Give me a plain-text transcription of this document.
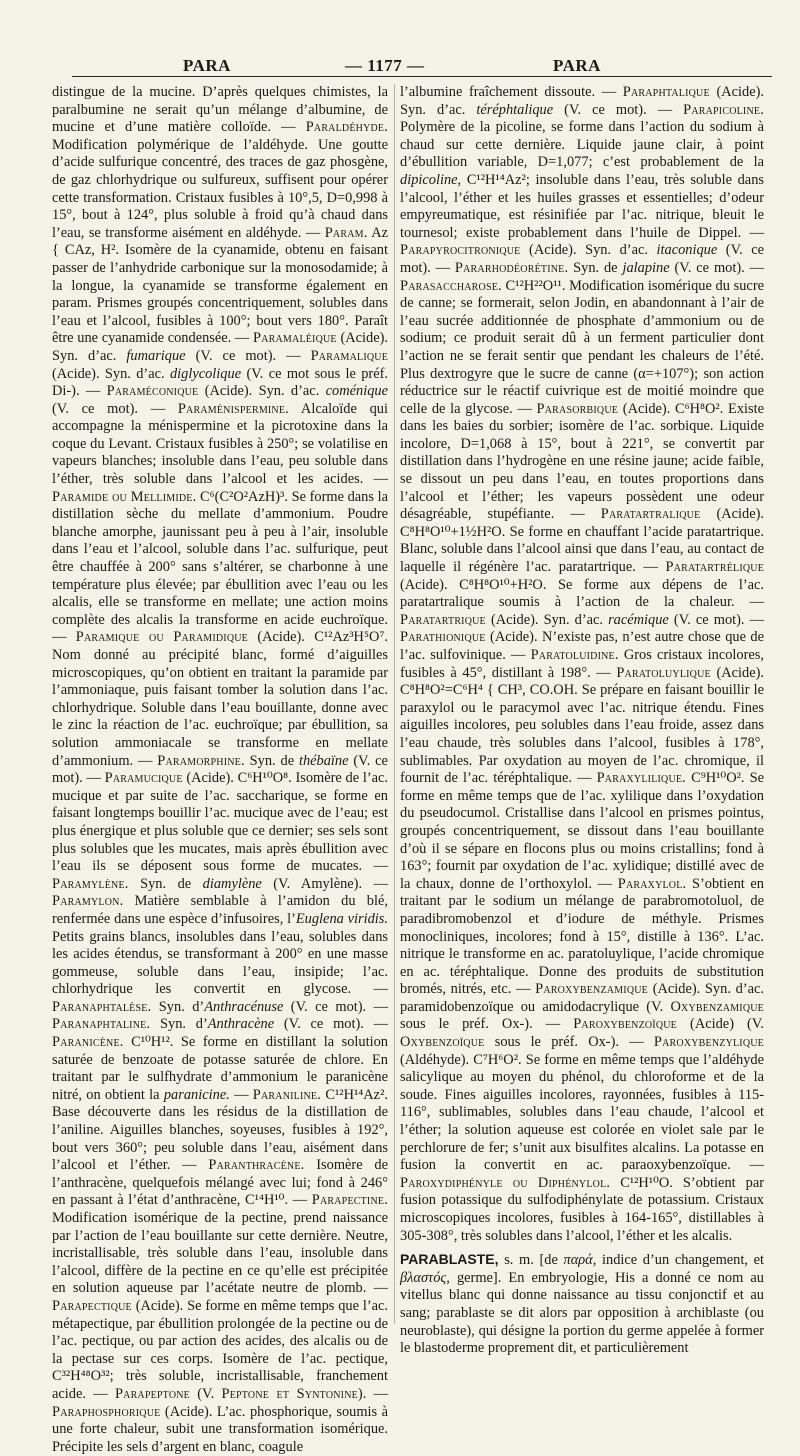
PARA	— 1177 —	PARA

distingue de la mucine. D’après quelques chimistes, la paralbumine ne serait qu’un mélange d’albumine, de mucine et d’une matière colloïde. — Paraldéhyde. Modification polymérique de l’aldéhyde. Une goutte d’acide sulfurique concentré, des traces de gaz phosgène, de gaz chlorhydrique ou sulfureux, suffisent pour opérer cette transformation. Cristaux fusibles à 10°,5, D=0,998 à 15°, bout à 124°, plus soluble à froid qu’à chaud dans l’eau, se transforme aisément en aldéhyde. — Param. Az { CAz, H². Isomère de la cyanamide, obtenu en faisant passer de l’anhydride carbonique sur la monosodamide; à la longue, la cyanamide se transforme également en param. Prismes groupés concentriquement, solubles dans l’eau et l’alcool, fusibles à 100°; bout vers 180°. Paraît être une cyanamide condensée. — Paramaléique (Acide). Syn. d’ac. fumarique (V. ce mot). — Paramalique (Acide). Syn. d’ac. diglycolique (V. ce mot sous le préf. Di-). — Paraméconique (Acide). Syn. d’ac. coménique (V. ce mot). — Paraménispermine. Alcaloïde qui accompagne la ménispermine et la picrotoxine dans la coque du Levant. Cristaux fusibles à 250°; se volatilise en vapeurs blanches; insoluble dans l’eau, peu soluble dans l’éther, très soluble dans l’alcool et les acides. — Paramide ou Mellimide. C⁶(C²O²AzH)³. Se forme dans la distillation sèche du mellate d’ammonium. Poudre blanche amorphe, jaunissant peu à peu à l’air, insoluble dans l’eau et l’alcool, soluble dans l’ac. sulfurique, peut être chauffée à 200° sans s’altérer, se charbonne à une température plus élevée; par ébullition avec l’eau ou les alcalis, elle se transforme en mellate; une action moins complète des alcalis la transforme en acide euchroïque. — Paramique ou Paramidique (Acide). C¹²Az³H⁵O⁷. Nom donné au précipité blanc, formé d’aiguilles microscopiques, qu’on obtient en traitant la paramide par l’ammoniaque, puis faisant tomber la solution dans l’ac. chlorhydrique. Soluble dans l’eau bouillante, donne avec le zinc la réaction de l’ac. euchroïque; par ébullition, sa solution ammoniacale se transforme en mellate d’ammonium. — Paramorphine. Syn. de thébaïne (V. ce mot). — Paramucique (Acide). C⁶H¹⁰O⁸. Isomère de l’ac. mucique et par suite de l’ac. saccharique, se forme en faisant longtemps bouillir l’ac. mucique avec de l’eau; est plus énergique et plus soluble que ce dernier; ses sels sont plus solubles que les mucates, mais après ébullition avec l’eau ils se déposent sous forme de mucates. — Paramylène. Syn. de diamylène (V. Amylène). — Paramylon. Matière semblable à l’amidon du blé, renfermée dans une espèce d’infusoires, l’Euglena viridis. Petits grains blancs, insolubles dans l’eau, solubles dans les acides étendus, se transformant à 200° en une masse gommeuse, soluble dans l’eau, insipide; l’ac. chlorhydrique les convertit en glycose. — Paranaphtalèse. Syn. d’Anthracénuse (V. ce mot). — Paranaphtaline. Syn. d’Anthracène (V. ce mot). — Paranicène. C¹⁰H¹². Se forme en distillant la solution saturée de benzoate de potasse saturée de chlore. En traitant par le sulfhydrate d’ammonium le paranicène nitré, on obtient la paranicine. — Paraniline. C¹²H¹⁴Az². Base découverte dans les résidus de la distillation de l’aniline. Aiguilles blanches, soyeuses, fusibles à 192°, bout vers 360°; peu soluble dans l’eau, aisément dans l’alcool et l’éther. — Paranthracène. Isomère de l’anthracène, quelquefois mélangé avec lui; fond à 246° en passant à l’état d’anthracène, C¹⁴H¹⁰. — Parapectine. Modification isomérique de la pectine, prend naissance par l’action de l’eau bouillante sur cette dernière. Neutre, incristallisable, très soluble dans l’eau, insoluble dans l’alcool, diffère de la pectine en ce qu’elle est précipitée en solution aqueuse par l’acétate neutre de plomb. — Parapectique (Acide). Se forme en même temps que l’ac. métapectique, par ébullition prolongée de la pectine ou de l’ac. pectique, ou par action des acides, des alcalis ou de la pectase sur ces corps. Isomère de l’ac. pectique, C³²H⁴⁸O³²; très soluble, incristallisable, franchement acide. — Parapeptone (V. Peptone et Syntonine). — Paraphosphorique (Acide). L’ac. phosphorique, soumis à une forte chaleur, subit une transformation isomérique. Précipite les sels d’argent en blanc, coagule

l’albumine fraîchement dissoute. — Paraphtalique (Acide). Syn. d’ac. téréphtalique (V. ce mot). — Parapicoline. Polymère de la picoline, se forme dans l’action du sodium à chaud sur cette dernière. Liquide jaune clair, à point d’ébullition variable, D=1,077; c’est probablement de la dipicoline, C¹²H¹⁴Az²; insoluble dans l’eau, très soluble dans l’alcool, l’éther et les huiles grasses et essentielles; d’odeur empyreumatique, est résinifiée par l’ac. nitrique, bleuit le tournesol; existe probablement dans l’huile de Dippel. — Parapyrocitronique (Acide). Syn. d’ac. itaconique (V. ce mot). — Pararhodéorétine. Syn. de jalapine (V. ce mot). — Parasaccharose. C¹²H²²O¹¹. Modification isomérique du sucre de canne; se formerait, selon Jodin, en abandonnant à l’air de l’eau sucrée additionnée de phosphate d’ammonium ou de sodium; ce produit serait dû à un ferment particulier dont l’action ne se ferait sentir que pendant les chaleurs de l’été. Plus dextrogyre que le sucre de canne (α=+107°); son action réductrice sur le réactif cuivrique est de moitié moindre que celle de la glycose. — Parasorbique (Acide). C⁶H⁸O². Existe dans les baies du sorbier; isomère de l’ac. sorbique. Liquide incolore, D=1,068 à 15°, bout à 221°, se convertit par distillation dans l’hydrogène en une résine jaune; acide faible, se dissout un peu dans l’eau, en toutes proportions dans l’alcool et l’éther; les vapeurs possèdent une odeur désagréable, stupéfiante. — Paratartralique (Acide). C⁸H⁸O¹⁰+1½H²O. Se forme en chauffant l’acide paratartrique. Blanc, soluble dans l’alcool ainsi que dans l’eau, au contact de laquelle il régénère l’ac. paratartrique. — Paratartrélique (Acide). C⁸H⁸O¹⁰+H²O. Se forme aux dépens de l’ac. paratartralique soumis à l’action de la chaleur. — Paratartrique (Acide). Syn. d’ac. racémique (V. ce mot). — Parathionique (Acide). N’existe pas, n’est autre chose que de l’ac. sulfovinique. — Paratoluidine. Gros cristaux incolores, fusibles à 45°, distillant à 198°. — Paratoluylique (Acide). C⁸H⁸O²=C⁶H⁴ { CH³, CO.OH. Se prépare en faisant bouillir le paraxylol ou le paracymol avec l’ac. nitrique étendu. Fines aiguilles incolores, peu solubles dans l’eau froide, assez dans l’eau chaude, très solubles dans l’alcool, fusibles à 178°, sublimables. Par oxydation au moyen de l’ac. chromique, il fournit de l’ac. téréphtalique. — Paraxylilique. C⁹H¹⁰O². Se forme en même temps que de l’ac. xylilique dans l’oxydation du pseudocumol. Cristallise dans l’alcool en prismes pointus, groupés concentriquement, se dissout dans l’eau bouillante d’où il se sépare en flocons plus ou moins cristallins; fond à 163°; fournit par oxydation de l’ac. xylidique; distillé avec de la chaux, donne de l’orthoxylol. — Paraxylol. S’obtient en traitant par le sodium un mélange de parabromotoluol, de paradibromobenzol et d’iodure de méthyle. Prismes monocliniques, incolores; fond à 15°, distille à 136°. L’ac. nitrique le transforme en ac. paratoluylique, l’acide chromique en ac. téréphtalique. Donne des produits de substitution bromés, nitrés, etc. — Paroxybenzamique (Acide). Syn. d’ac. paramidobenzoïque ou amidodacrylique (V. Oxybenzamique sous le préf. Ox-). — Paroxybenzoïque (Acide) (V. Oxybenzoïque sous le préf. Ox-). — Paroxybenzylique (Aldéhyde). C⁷H⁶O². Se forme en même temps que l’aldéhyde salicylique au moyen du phénol, du chloroforme et de la soude. Fines aiguilles incolores, rayonnées, fusibles à 115-116°, sublimables, solubles dans l’eau chaude, l’alcool et l’éther; la solution aqueuse est colorée en violet sale par le perchlorure de fer; s’unit aux bisulfites alcalins. La potasse en fusion la convertit en ac. paraoxybenzoïque. — Paroxydiphényle ou Diphénylol. C¹²H¹⁰O. S’obtient par fusion potassique du sulfodiphénylate de potassium. Cristaux microscopiques incolores, fusibles à 164-165°, distillables à 305-308°, très solubles dans l’alcool, l’éther et les alcalis.

PARABLASTE, s. m. [de παρά, indice d’un changement, et βλαστός, germe]. En embryologie, His a donné ce nom au vitellus blanc qui donne naissance au tissu conjonctif et au sang; parablaste se dit alors par opposition à archiblaste (ou neuroblaste), qui désigne la portion du germe appelée à former le blastoderme proprement dit, et particulièrement
